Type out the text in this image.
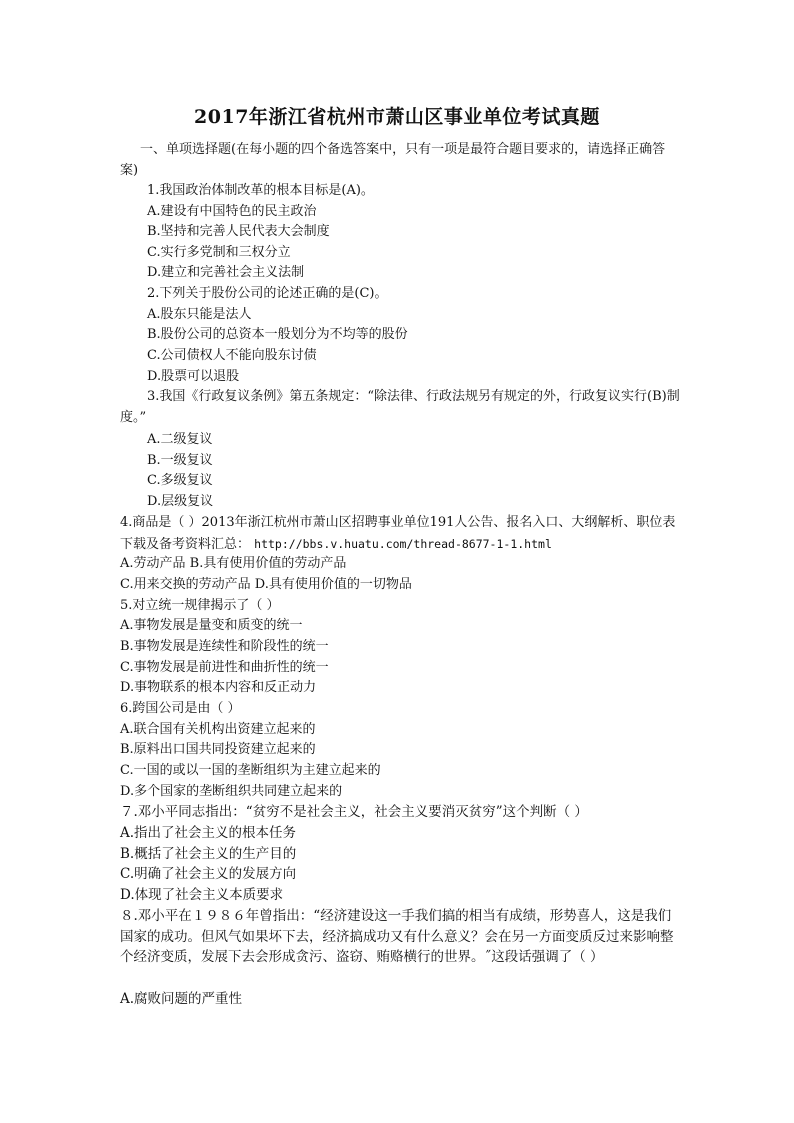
2017年浙江省杭州市萧山区事业单位考试真题
一、单项选择题(在每小题的四个备选答案中，只有一项是最符合题目要求的，请选择正确答案)
1.我国政治体制改革的根本目标是(A)。
A.建设有中国特色的民主政治
B.坚持和完善人民代表大会制度
C.实行多党制和三权分立
D.建立和完善社会主义法制
2.下列关于股份公司的论述正确的是(C)。
A.股东只能是法人
B.股份公司的总资本一般划分为不均等的股份
C.公司债权人不能向股东讨债
D.股票可以退股
3.我国《行政复议条例》第五条规定：“除法律、行政法规另有规定的外，行政复议实行(B)制度。”
A.二级复议
B.一级复议
C.多级复议
D.层级复议
4.商品是（ ）2013年浙江杭州市萧山区招聘事业单位191人公告、报名入口、大纲解析、职位表下载及备考资料汇总： http://bbs.v.huatu.com/thread-8677-1-1.html
A.劳动产品 B.具有使用价值的劳动产品
C.用来交换的劳动产品 D.具有使用价值的一切物品
5.对立统一规律揭示了（ ）
A.事物发展是量变和质变的统一
B.事物发展是连续性和阶段性的统一
C.事物发展是前进性和曲折性的统一
D.事物联系的根本内容和反正动力
6.跨国公司是由（ ）
A.联合国有关机构出资建立起来的
B.原料出口国共同投资建立起来的
C.一国的或以一国的垄断组织为主建立起来的
D.多个国家的垄断组织共同建立起来的
７.邓小平同志指出：“贫穷不是社会主义，社会主义要消灭贫穷”这个判断（ ）
A.指出了社会主义的根本任务
B.概括了社会主义的生产目的
C.明确了社会主义的发展方向
D.体现了社会主义本质要求
８.邓小平在１９８６年曾指出：“经济建设这一手我们搞的相当有成绩，形势喜人，这是我们国家的成功。但风气如果坏下去，经济搞成功又有什么意义？会在另一方面变质反过来影响整个经济变质，发展下去会形成贪污、盗窃、贿赂横行的世界。˝这段话强调了（ ）
A.腐败问题的严重性
